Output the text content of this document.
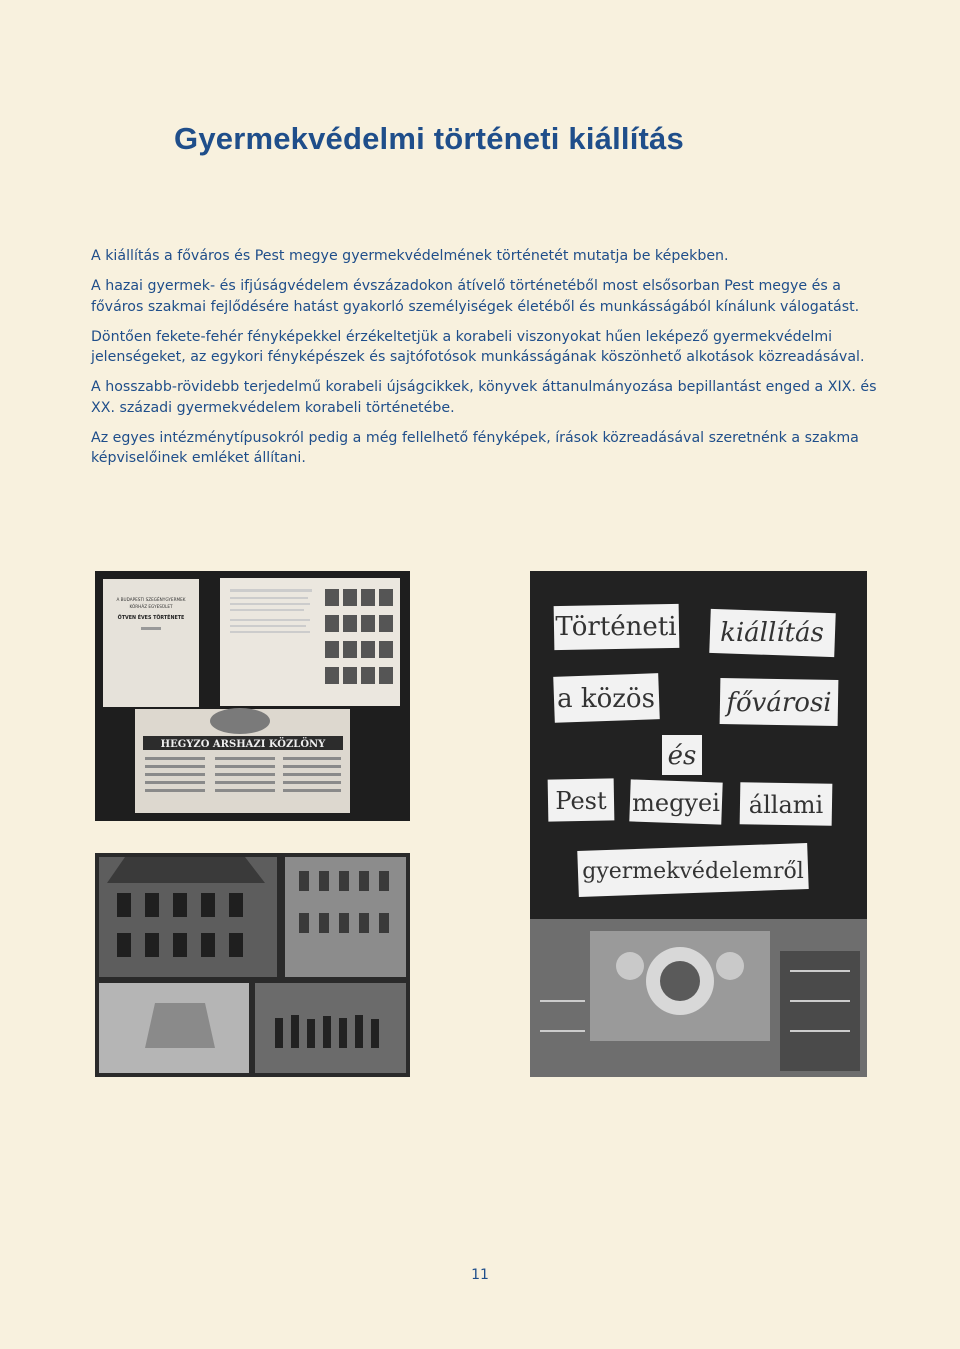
Gyermekvédelmi történeti kiállítás

A kiállítás a főváros és Pest megye gyermekvédelmének történetét mutatja be képekben.

A hazai gyermek- és ifjúságvédelem évszázadokon átívelő történetéből most elsősorban Pest megye és a főváros szakmai fejlődésére hatást gyakorló személyiségek életéből és munkásságából kínálunk válogatást.

Döntően fekete-fehér fényképekkel érzékeltetjük a korabeli viszonyokat hűen leképező gyermekvédelmi jelenségeket, az egykori fényképészek és sajtófotósok munkásságának köszönhető alkotások közreadásával.

A hosszabb-rövidebb terjedelmű korabeli újságcikkek, könyvek áttanulmányozása bepillantást enged a XIX. és XX. századi gyermekvédelem korabeli történetébe.

Az egyes intézménytípusokról pedig a még fellelhető fényképek, írások közreadásával szeretnénk a szakma képviselőinek emléket állítani.

A BUDAPESTI SZEGÉNYGYERMEK
KÓRHÁZ EGYESÜLET
ÖTVEN ÉVES TÖRTÉNETE
HEGYZO ARSHAZI KÖZLÖNY
Történeti kiállítás
a közös	fővárosi
és
Pest megyei állami
gyermekvédelemről
11
